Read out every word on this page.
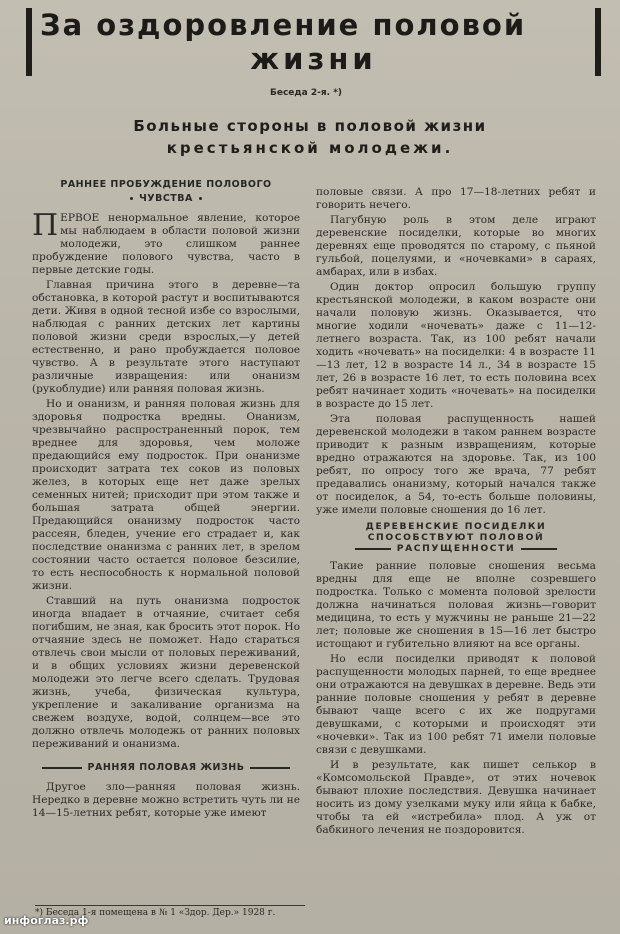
За оздоровление половой
жизни
Беседа 2-я. *)
Больные стороны в половой жизни
крестьянской молодежи.
РАННЕЕ ПРОБУЖДЕНИЕ ПОЛОВОГО
ЧУВСТВА

ПЕРВОЕ ненормальное явление, которое мы наблюдаем в области половой жизни молодежи, это слишком раннее пробуждение полового чувства, часто в первые детские годы.

Главная причина этого в деревне—та обстановка, в которой растут и воспитываются дети. Живя в одной тесной избе со взрослыми, наблюдая с ранних детских лет картины половой жизни среди взрослых,—у детей естественно, и рано пробуждается половое чувство. А в результате этого наступают различные извращения: или онанизм (рукоблудие) или ранняя половая жизнь.

Но и онанизм, и ранняя половая жизнь для здоровья подростка вредны. Онанизм, чрезвычайно распространенный порок, тем вреднее для здоровья, чем моложе предающийся ему подросток. При онанизме происходит затрата тех соков из половых желез, в которых еще нет даже зрелых семенных нитей; присходит при этом также и большая затрата общей энергии. Предающийся онанизму подросток часто рассеян, бледен, учение его страдает и, как последствие онанизма с ранних лет, в зрелом состоянии часто остается половое безсилие, то есть неспособность к нормальной половой жизни.

Ставший на путь онанизма подросток иногда впадает в отчаяние, считает себя погибшим, не зная, как бросить этот порок. Но отчаяние здесь не поможет. Надо стараться отвлечь свои мысли от половых переживаний, и в общих условиях жизни деревенской молодежи это легче всего сделать. Трудовая жизнь, учеба, физическая культура, укрепление и закаливание организма на свежем воздухе, водой, солнцем—все это должно отвлечь молодежь от ранних половых переживаний и онанизма.

РАННЯЯ ПОЛОВАЯ ЖИЗНЬ

Другое зло—ранняя половая жизнь. Нередко в деревне можно встретить чуть ли не 14—15-летних ребят, которые уже имеют

половые связи. А про 17—18-летних ребят и говорить нечего.

Пагубную роль в этом деле играют деревенские посиделки, которые во многих деревнях еще проводятся по старому, с пьяной гульбой, поцелуями, и «ночевками» в сараях, амбарах, или в избах.

Один доктор опросил большую группу крестьянской молодежи, в каком возрасте они начали половую жизнь. Оказывается, что многие ходили «ночевать» даже с 11—12-летнего возраста. Так, из 100 ребят начали ходить «ночевать» на посиделки: 4 в возрасте 11—13 лет, 12 в возрасте 14 л., 34 в возрасте 15 лет, 26 в возрасте 16 лет, то есть половина всех ребят начинает ходить «ночевать» на посиделки в возрасте до 15 лет.

Эта половая распущенность нашей деревенской молодежи в таком раннем возрасте приводит к разным извращениям, которые вредно отражаются на здоровье. Так, из 100 ребят, по опросу того же врача, 77 ребят предавались онанизму, который начался также от посиделок, а 54, то-есть больше половины, уже имели половые сношения до 16 лет.

ДЕРЕВЕНСКИЕ ПОСИДЕЛКИ
СПОСОБСТВУЮТ ПОЛОВОЙ
РАСПУЩЕННОСТИ

Такие ранние половые сношения весьма вредны для еще не вполне созревшего подростка. Только с момента половой зрелости должна начинаться половая жизнь—говорит медицина, то есть у мужчины не раньше 21—22 лет; половые же сношения в 15—16 лет быстро истощают и губительно влияют на все органы.

Но если посиделки приводят к половой распущенности молодых парней, то еще вреднее они отражаются на девушках в деревне. Ведь эти ранние половые сношения у ребят в деревне бывают чаще всего с их же подругами девушками, с которыми и происходят эти «ночевки». Так из 100 ребят 71 имели половые связи с девушками.

И в результате, как пишет селькор в «Комсомольской Правде», от этих ночевок бывают плохие последствия. Девушка начинает носить из дому узелками муку или яйца к бабке, чтобы та ей «истребила» плод. А уж от бабкиного лечения не поздоровится.

*) Беседа 1-я помещена в № 1 «Здор. Дер.» 1928 г.
инфоглаз.рф
